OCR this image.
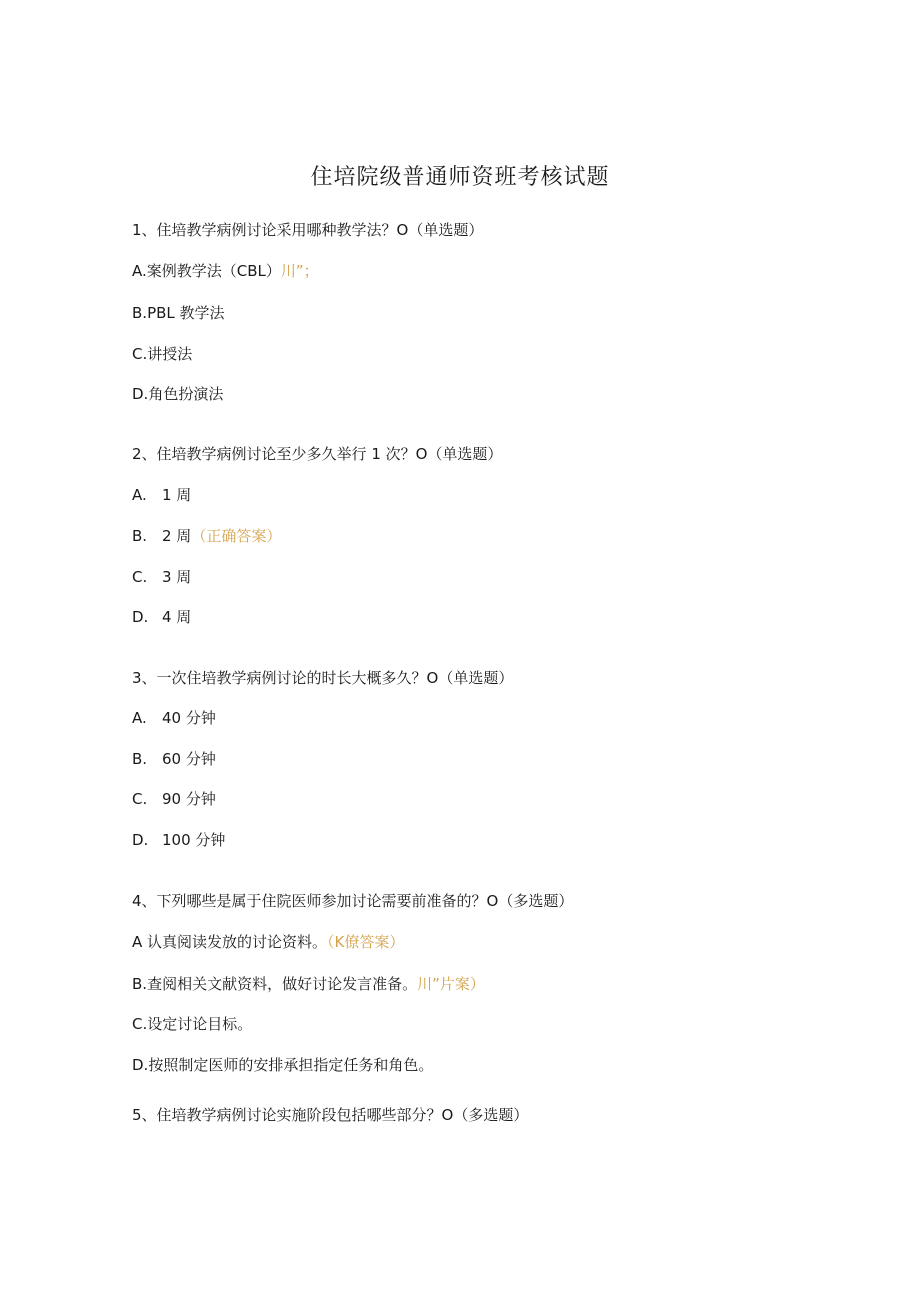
住培院级普通师资班考核试题
1、住培教学病例讨论采用哪种教学法？O（单选题）
A.案例教学法（CBL）川”；
B.PBL 教学法
C.讲授法
D.角色扮演法
2、住培教学病例讨论至少多久举行 1 次？O（单选题）
A. 1 周
B. 2 周（正确答案）
C. 3 周
D. 4 周
3、一次住培教学病例讨论的时长大概多久？O（单选题）
A. 40 分钟
B. 60 分钟
C. 90 分钟
D. 100 分钟
4、下列哪些是属于住院医师参加讨论需要前准备的？O（多选题）
A 认真阅读发放的讨论资料。（K僚答案）
B.查阅相关文献资料，做好讨论发言准备。川”片案）
C.设定讨论目标。
D.按照制定医师的安排承担指定任务和角色。
5、住培教学病例讨论实施阶段包括哪些部分？O（多选题）
